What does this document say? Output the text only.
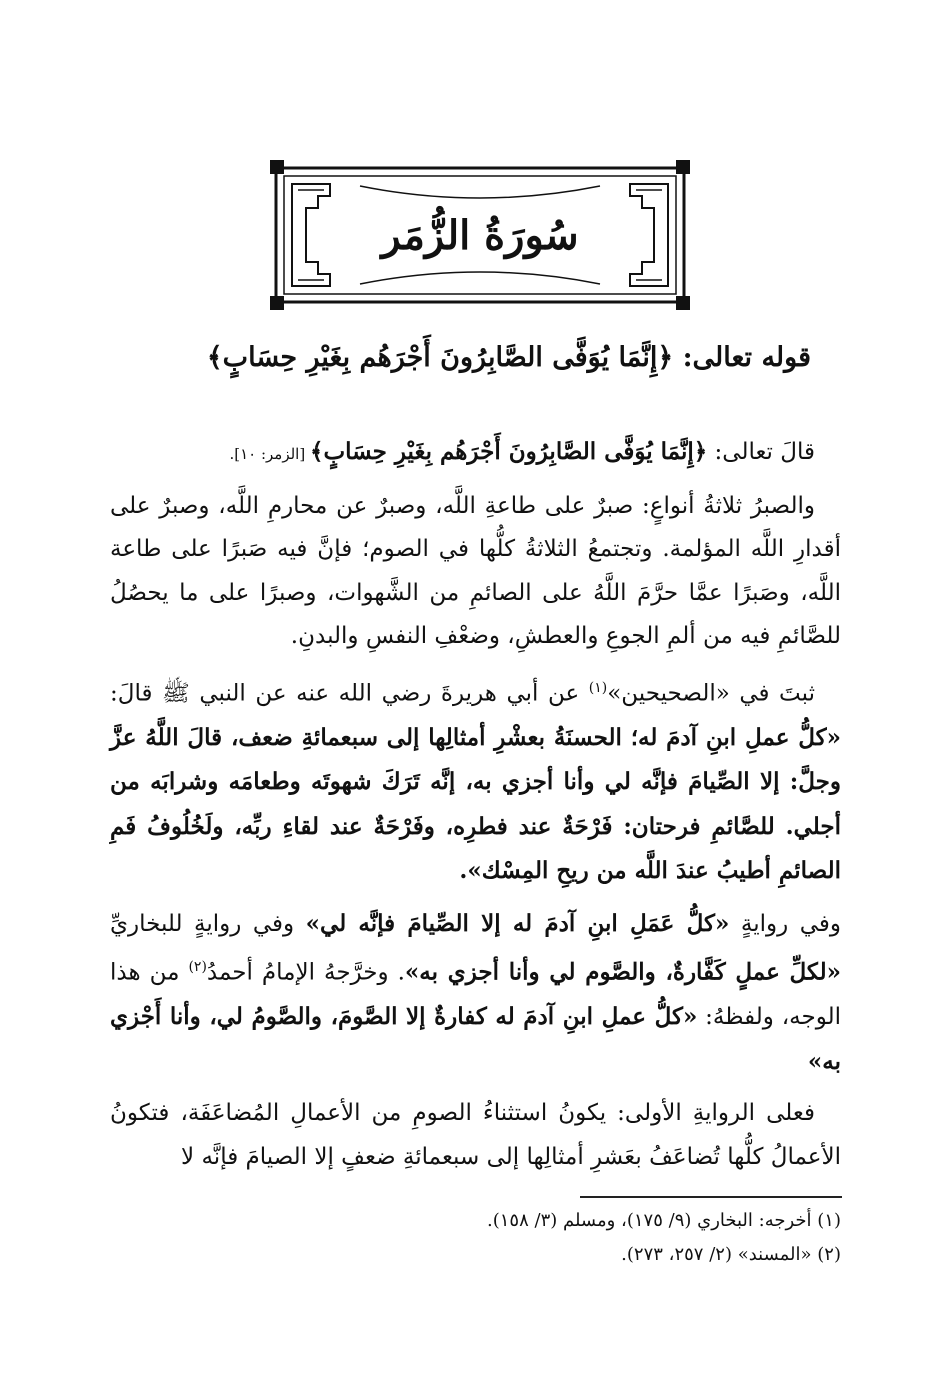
سُورَةُ الزُّمَر
قوله تعالى: ﴿إِنَّمَا يُوَفَّى الصَّابِرُونَ أَجْرَهُم بِغَيْرِ حِسَابٍ﴾

قالَ تعالى: ﴿إِنَّمَا يُوَفَّى الصَّابِرُونَ أَجْرَهُم بِغَيْرِ حِسَابٍ﴾ [الزمر: ١٠].

والصبرُ ثلاثةُ أنواعٍ: صبرٌ على طاعةِ اللَّه، وصبرٌ عن محارمِ اللَّه، وصبرٌ على أقدارِ اللَّه المؤلمة. وتجتمعُ الثلاثةُ كلُّها في الصوم؛ فإنَّ فيه صَبرًا على طاعة اللَّه، وصَبرًا عمَّا حرَّمَ اللَّهُ على الصائمِ من الشَّهوات، وصبرًا على ما يحصُلُ للصَّائمِ فيه من ألمِ الجوعِ والعطشِ، وضعْفِ النفسِ والبدنِ.

ثبتَ في «الصحيحين»$^{(١)}$ عن أبي هريرةَ رضي الله عنه عن النبي ﷺ قالَ: «كلُّ عملِ ابنِ آدمَ له؛ الحسنَةُ بعشْرِ أمثالِها إلى سبعمائةِ ضعف، قالَ اللَّهُ عزَّ وجلَّ: إلا الصِّيامَ فإنَّه لي وأنا أجزي به، إنَّه تَرَكَ شهوتَه وطعامَه وشرابَه من أجلي. للصَّائمِ فرحتان: فَرْحَةٌ عند فطرِه، وفَرْحَةٌ عند لقاءِ ربِّه، ولَخُلُوفُ فَمِ الصائمِ أطيبُ عندَ اللَّه من ريحِ المِسْك».

وفي روايةٍ «كلُّ عَمَلِ ابنِ آدمَ له إلا الصِّيامَ فإنَّه لي» وفي روايةٍ للبخاريِّ «لكلِّ عملٍ كَفَّارةٌ، والصَّوم لي وأنا أجزي به». وخرَّجهُ الإمامُ أحمدُ$^{(٢)}$ من هذا الوجه، ولفظهُ: «كلُّ عملِ ابنِ آدمَ له كفارةٌ إلا الصَّومَ، والصَّومُ لي، وأنا أَجْزي به»

فعلى الروايةِ الأولى: يكونُ استثناءُ الصومِ من الأعمالِ المُضاعَفَة، فتكونُ الأعمالُ كلُّها تُضاعَفُ بعَشرِ أمثالِها إلى سبعمائةِ ضعفٍ إلا الصيامَ فإنَّه لا

(١) أخرجه: البخاري (٩/ ١٧٥)، ومسلم (٣/ ١٥٨).
(٢) «المسند» (٢/ ٢٥٧، ٢٧٣).
